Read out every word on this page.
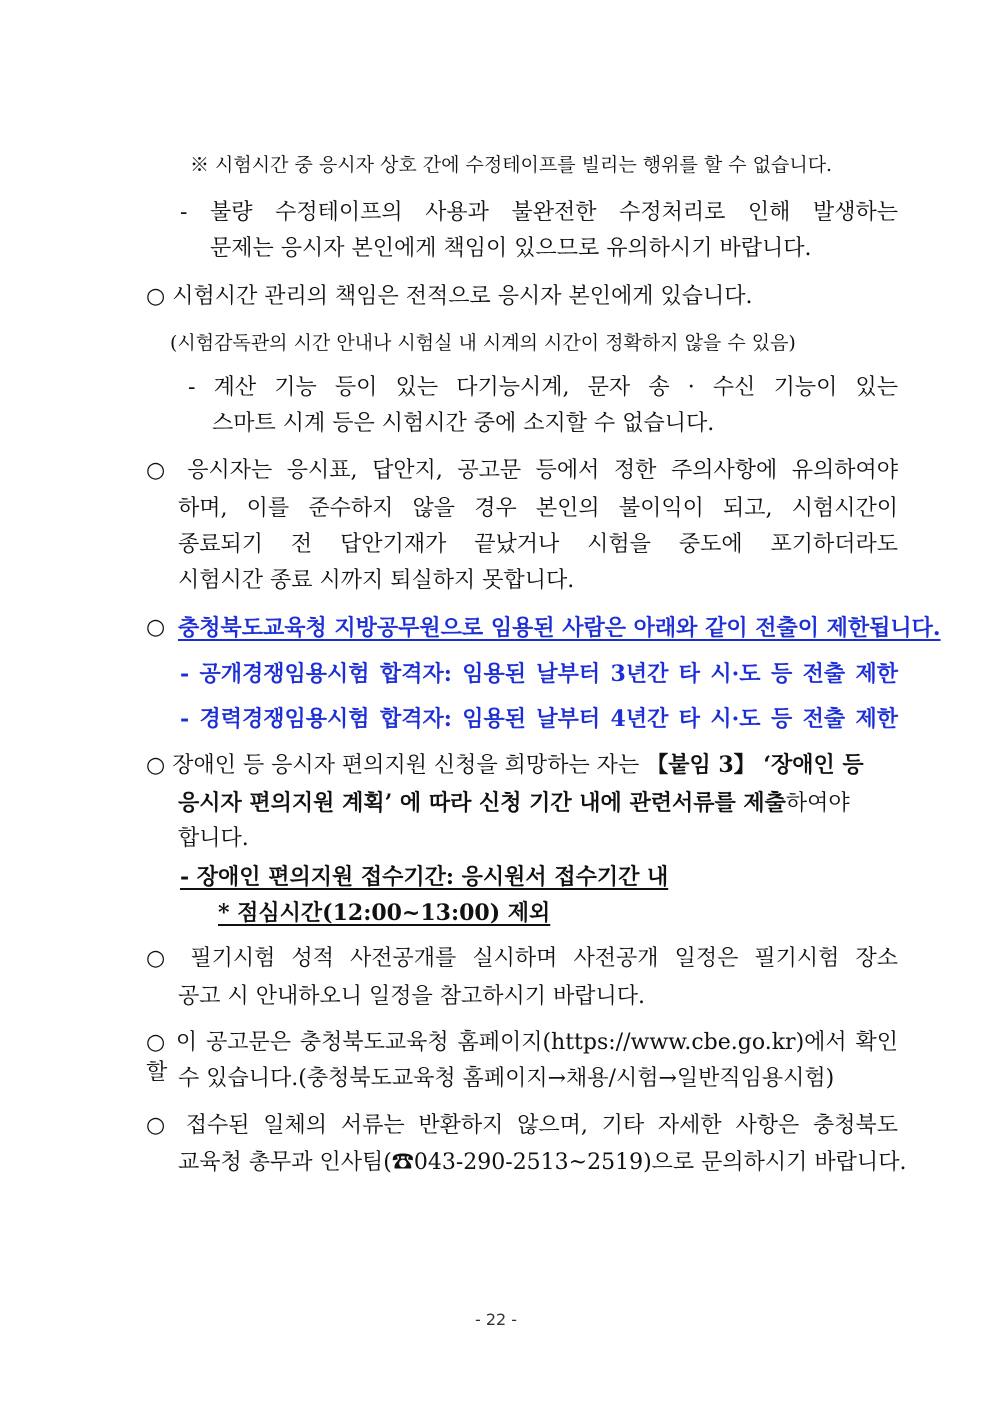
※ 시험시간 중 응시자 상호 간에 수정테이프를 빌리는 행위를 할 수 없습니다.
- 불량 수정테이프의 사용과 불완전한 수정처리로 인해 발생하는
문제는 응시자 본인에게 책임이 있으므로 유의하시기 바랍니다.
○ 시험시간 관리의 책임은 전적으로 응시자 본인에게 있습니다.
(시험감독관의 시간 안내나 시험실 내 시계의 시간이 정확하지 않을 수 있음)
- 계산 기능 등이 있는 다기능시계, 문자 송 · 수신 기능이 있는
스마트 시계 등은 시험시간 중에 소지할 수 없습니다.
○ 응시자는 응시표, 답안지, 공고문 등에서 정한 주의사항에 유의하여야
하며, 이를 준수하지 않을 경우 본인의 불이익이 되고, 시험시간이
종료되기 전 답안기재가 끝났거나 시험을 중도에 포기하더라도
시험시간 종료 시까지 퇴실하지 못합니다.
○ 충청북도교육청 지방공무원으로 임용된 사람은 아래와 같이 전출이 제한됩니다.
- 공개경쟁임용시험 합격자: 임용된 날부터 3년간 타 시·도 등 전출 제한
- 경력경쟁임용시험 합격자: 임용된 날부터 4년간 타 시·도 등 전출 제한
○ 장애인 등 응시자 편의지원 신청을 희망하는 자는 【붙임 3】 ‘장애인 등
응시자 편의지원 계획’ 에 따라 신청 기간 내에 관련서류를 제출하여야
합니다.
- 장애인 편의지원 접수기간: 응시원서 접수기간 내
* 점심시간(12:00~13:00) 제외
○ 필기시험 성적 사전공개를 실시하며 사전공개 일정은 필기시험 장소
공고 시 안내하오니 일정을 참고하시기 바랍니다.
○ 이 공고문은 충청북도교육청 홈페이지(https://www.cbe.go.kr)에서 확인할 수 있습니다.(충청북도교육청 홈페이지→채용/시험→일반직임용시험)
○ 접수된 일체의 서류는 반환하지 않으며, 기타 자세한 사항은 충청북도
교육청 총무과 인사팀(☎043-290-2513~2519)으로 문의하시기 바랍니다.
- 22 -
